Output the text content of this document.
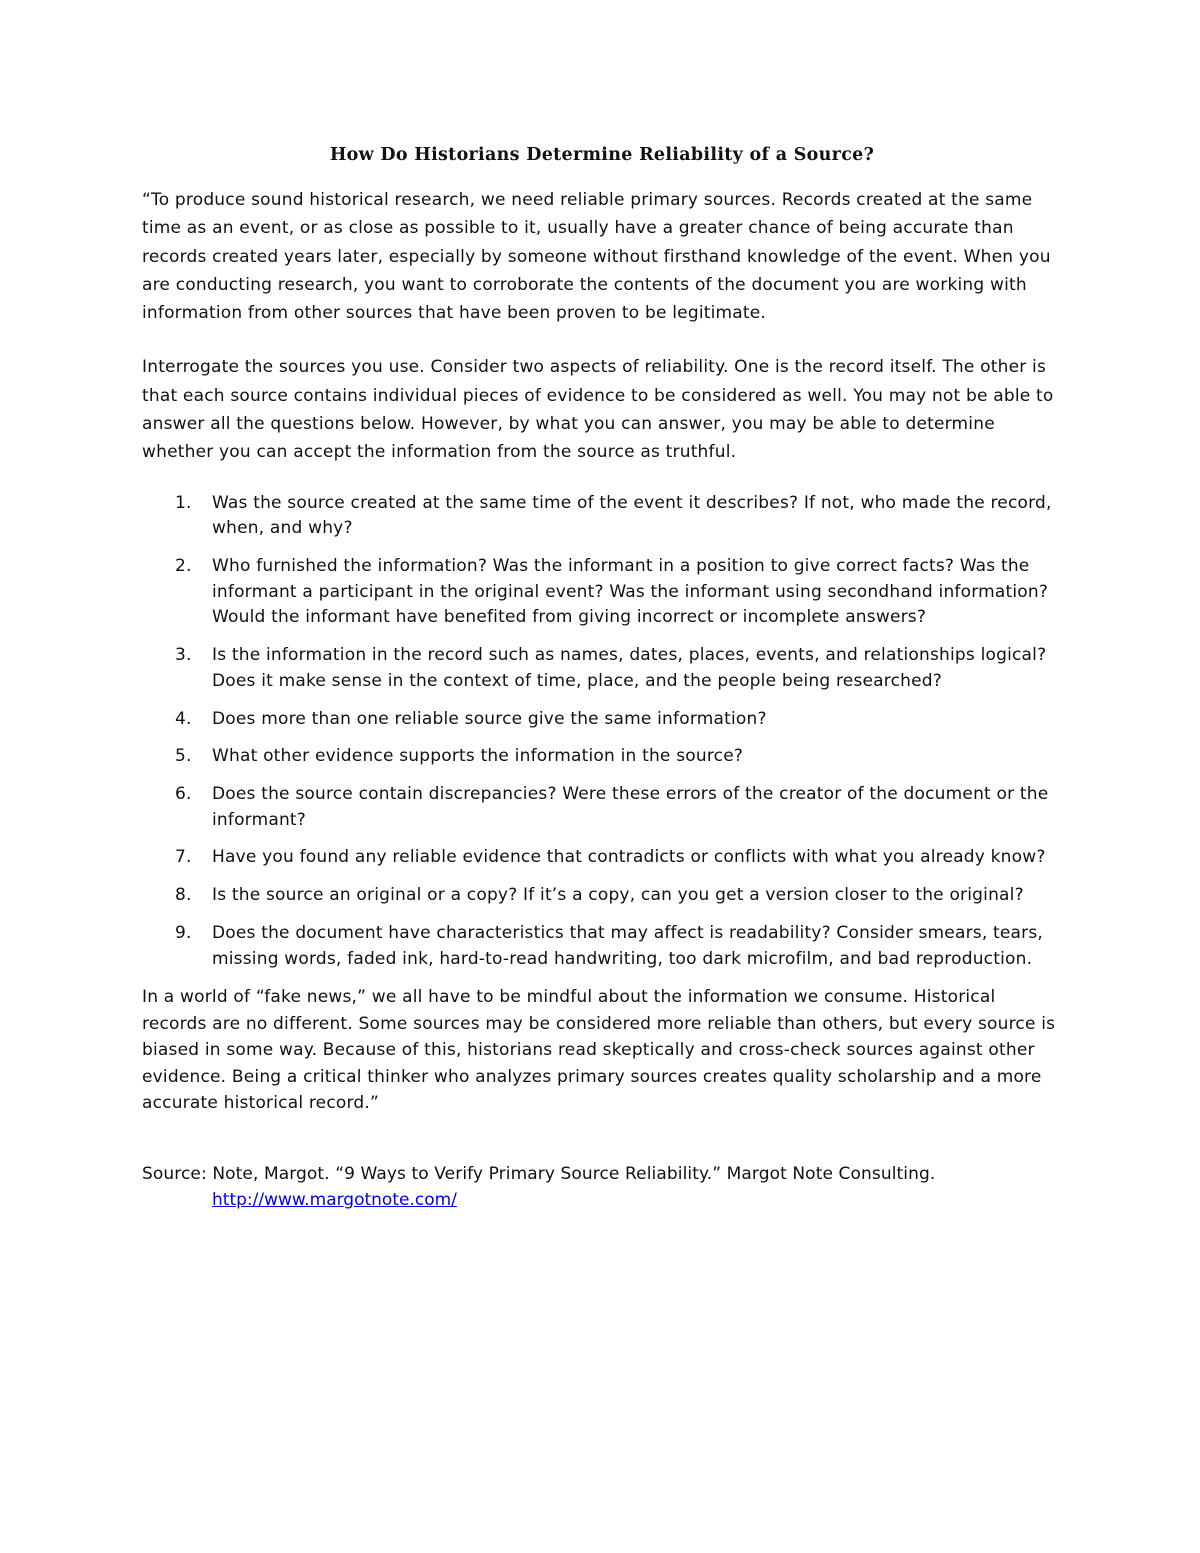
How Do Historians Determine Reliability of a Source?

“To produce sound historical research, we need reliable primary sources. Records created at the same time as an event, or as close as possible to it, usually have a greater chance of being accurate than records created years later, especially by someone without firsthand knowledge of the event. When you are conducting research, you want to corroborate the contents of the document you are working with information from other sources that have been proven to be legitimate.

Interrogate the sources you use. Consider two aspects of reliability. One is the record itself. The other is that each source contains individual pieces of evidence to be considered as well. You may not be able to answer all the questions below. However, by what you can answer, you may be able to determine whether you can accept the information from the source as truthful.

1. Was the source created at the same time of the event it describes? If not, who made the record, when, and why?
2. Who furnished the information? Was the informant in a position to give correct facts? Was the informant a participant in the original event? Was the informant using secondhand information? Would the informant have benefited from giving incorrect or incomplete answers?
3. Is the information in the record such as names, dates, places, events, and relationships logical? Does it make sense in the context of time, place, and the people being researched?
4. Does more than one reliable source give the same information?
5. What other evidence supports the information in the source?
6. Does the source contain discrepancies? Were these errors of the creator of the document or the informant?
7. Have you found any reliable evidence that contradicts or conflicts with what you already know?
8. Is the source an original or a copy? If it’s a copy, can you get a version closer to the original?
9. Does the document have characteristics that may affect is readability? Consider smears, tears, missing words, faded ink, hard-to-read handwriting, too dark microfilm, and bad reproduction.

In a world of “fake news,” we all have to be mindful about the information we consume. Historical records are no different. Some sources may be considered more reliable than others, but every source is biased in some way. Because of this, historians read skeptically and cross-check sources against other evidence. Being a critical thinker who analyzes primary sources creates quality scholarship and a more accurate historical record.”

Source: Note, Margot. “9 Ways to Verify Primary Source Reliability.” Margot Note Consulting.

http://www.margotnote.com/
